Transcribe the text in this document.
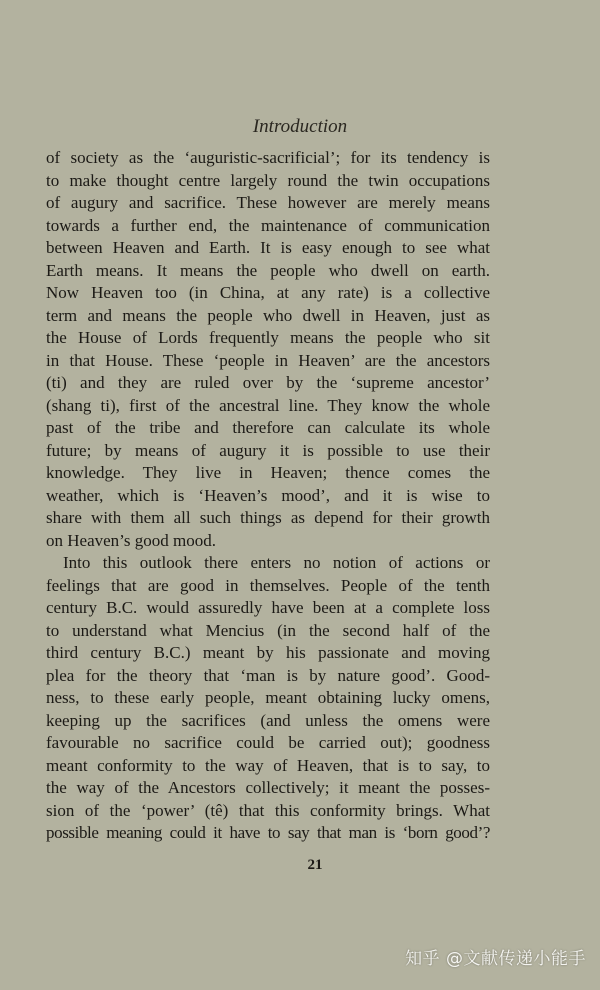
Introduction
of society as the ‘auguristic-sacrificial’; for its tendency is
to make thought centre largely round the twin occupations
of augury and sacrifice. These however are merely means
towards a further end, the maintenance of communication
between Heaven and Earth. It is easy enough to see what
Earth means. It means the people who dwell on earth.
Now Heaven too (in China, at any rate) is a collective
term and means the people who dwell in Heaven, just as
the House of Lords frequently means the people who sit
in that House. These ‘people in Heaven’ are the ancestors
(ti) and they are ruled over by the ‘supreme ancestor’
(shang ti), first of the ancestral line. They know the whole
past of the tribe and therefore can calculate its whole
future; by means of augury it is possible to use their
knowledge. They live in Heaven; thence comes the
weather, which is ‘Heaven’s mood’, and it is wise to
share with them all such things as depend for their growth
on Heaven’s good mood.
Into this outlook there enters no notion of actions or
feelings that are good in themselves. People of the tenth
century B.C. would assuredly have been at a complete loss
to understand what Mencius (in the second half of the
third century B.C.) meant by his passionate and moving
plea for the theory that ‘man is by nature good’. Good-
ness, to these early people, meant obtaining lucky omens,
keeping up the sacrifices (and unless the omens were
favourable no sacrifice could be carried out); goodness
meant conformity to the way of Heaven, that is to say, to
the way of the Ancestors collectively; it meant the posses-
sion of the ‘power’ (tê) that this conformity brings. What
possible meaning could it have to say that man is ‘born good’?
21
知乎 @文献传递小能手
